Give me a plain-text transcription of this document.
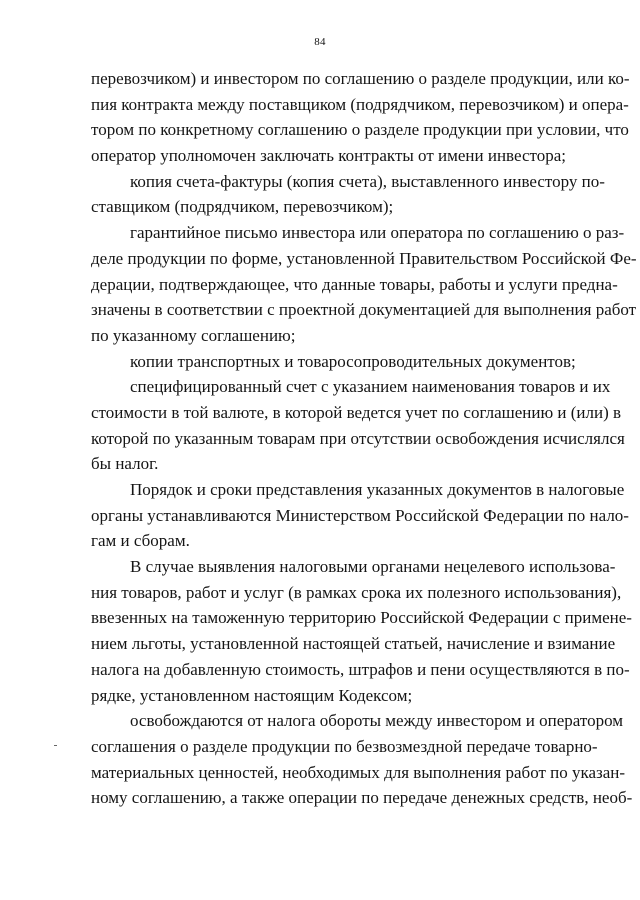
84
перевозчиком) и инвестором по соглашению о разделе продукции, или ко-
пия контракта между поставщиком (подрядчиком, перевозчиком) и опера-
тором по конкретному соглашению о разделе продукции при условии, что
оператор уполномочен заключать контракты от имени инвестора;
копия счета-фактуры (копия счета), выставленного инвестору по-
ставщиком (подрядчиком, перевозчиком);
гарантийное письмо инвестора или оператора по соглашению о раз-
деле продукции по форме, установленной Правительством Российской Фе-
дерации, подтверждающее, что данные товары, работы и услуги предна-
значены в соответствии с проектной документацией для выполнения работ
по указанному соглашению;
копии транспортных и товаросопроводительных документов;
специфицированный счет с указанием наименования товаров и их
стоимости в той валюте, в которой ведется учет по соглашению и (или) в
которой по указанным товарам при отсутствии освобождения исчислялся
бы налог.
Порядок и сроки представления указанных документов в налоговые
органы устанавливаются Министерством Российской Федерации по нало-
гам и сборам.
В случае выявления налоговыми органами нецелевого использова-
ния товаров, работ и услуг (в рамках срока их полезного использования),
ввезенных на таможенную территорию Российской Федерации с примене-
нием льготы, установленной настоящей статьей, начисление и взимание
налога на добавленную стоимость, штрафов и пени осуществляются в по-
рядке, установленном настоящим Кодексом;
освобождаются от налога обороты между инвестором и оператором
соглашения о разделе продукции по безвозмездной передаче товарно-
материальных ценностей, необходимых для выполнения работ по указан-
ному соглашению, а также операции по передаче денежных средств, необ-
